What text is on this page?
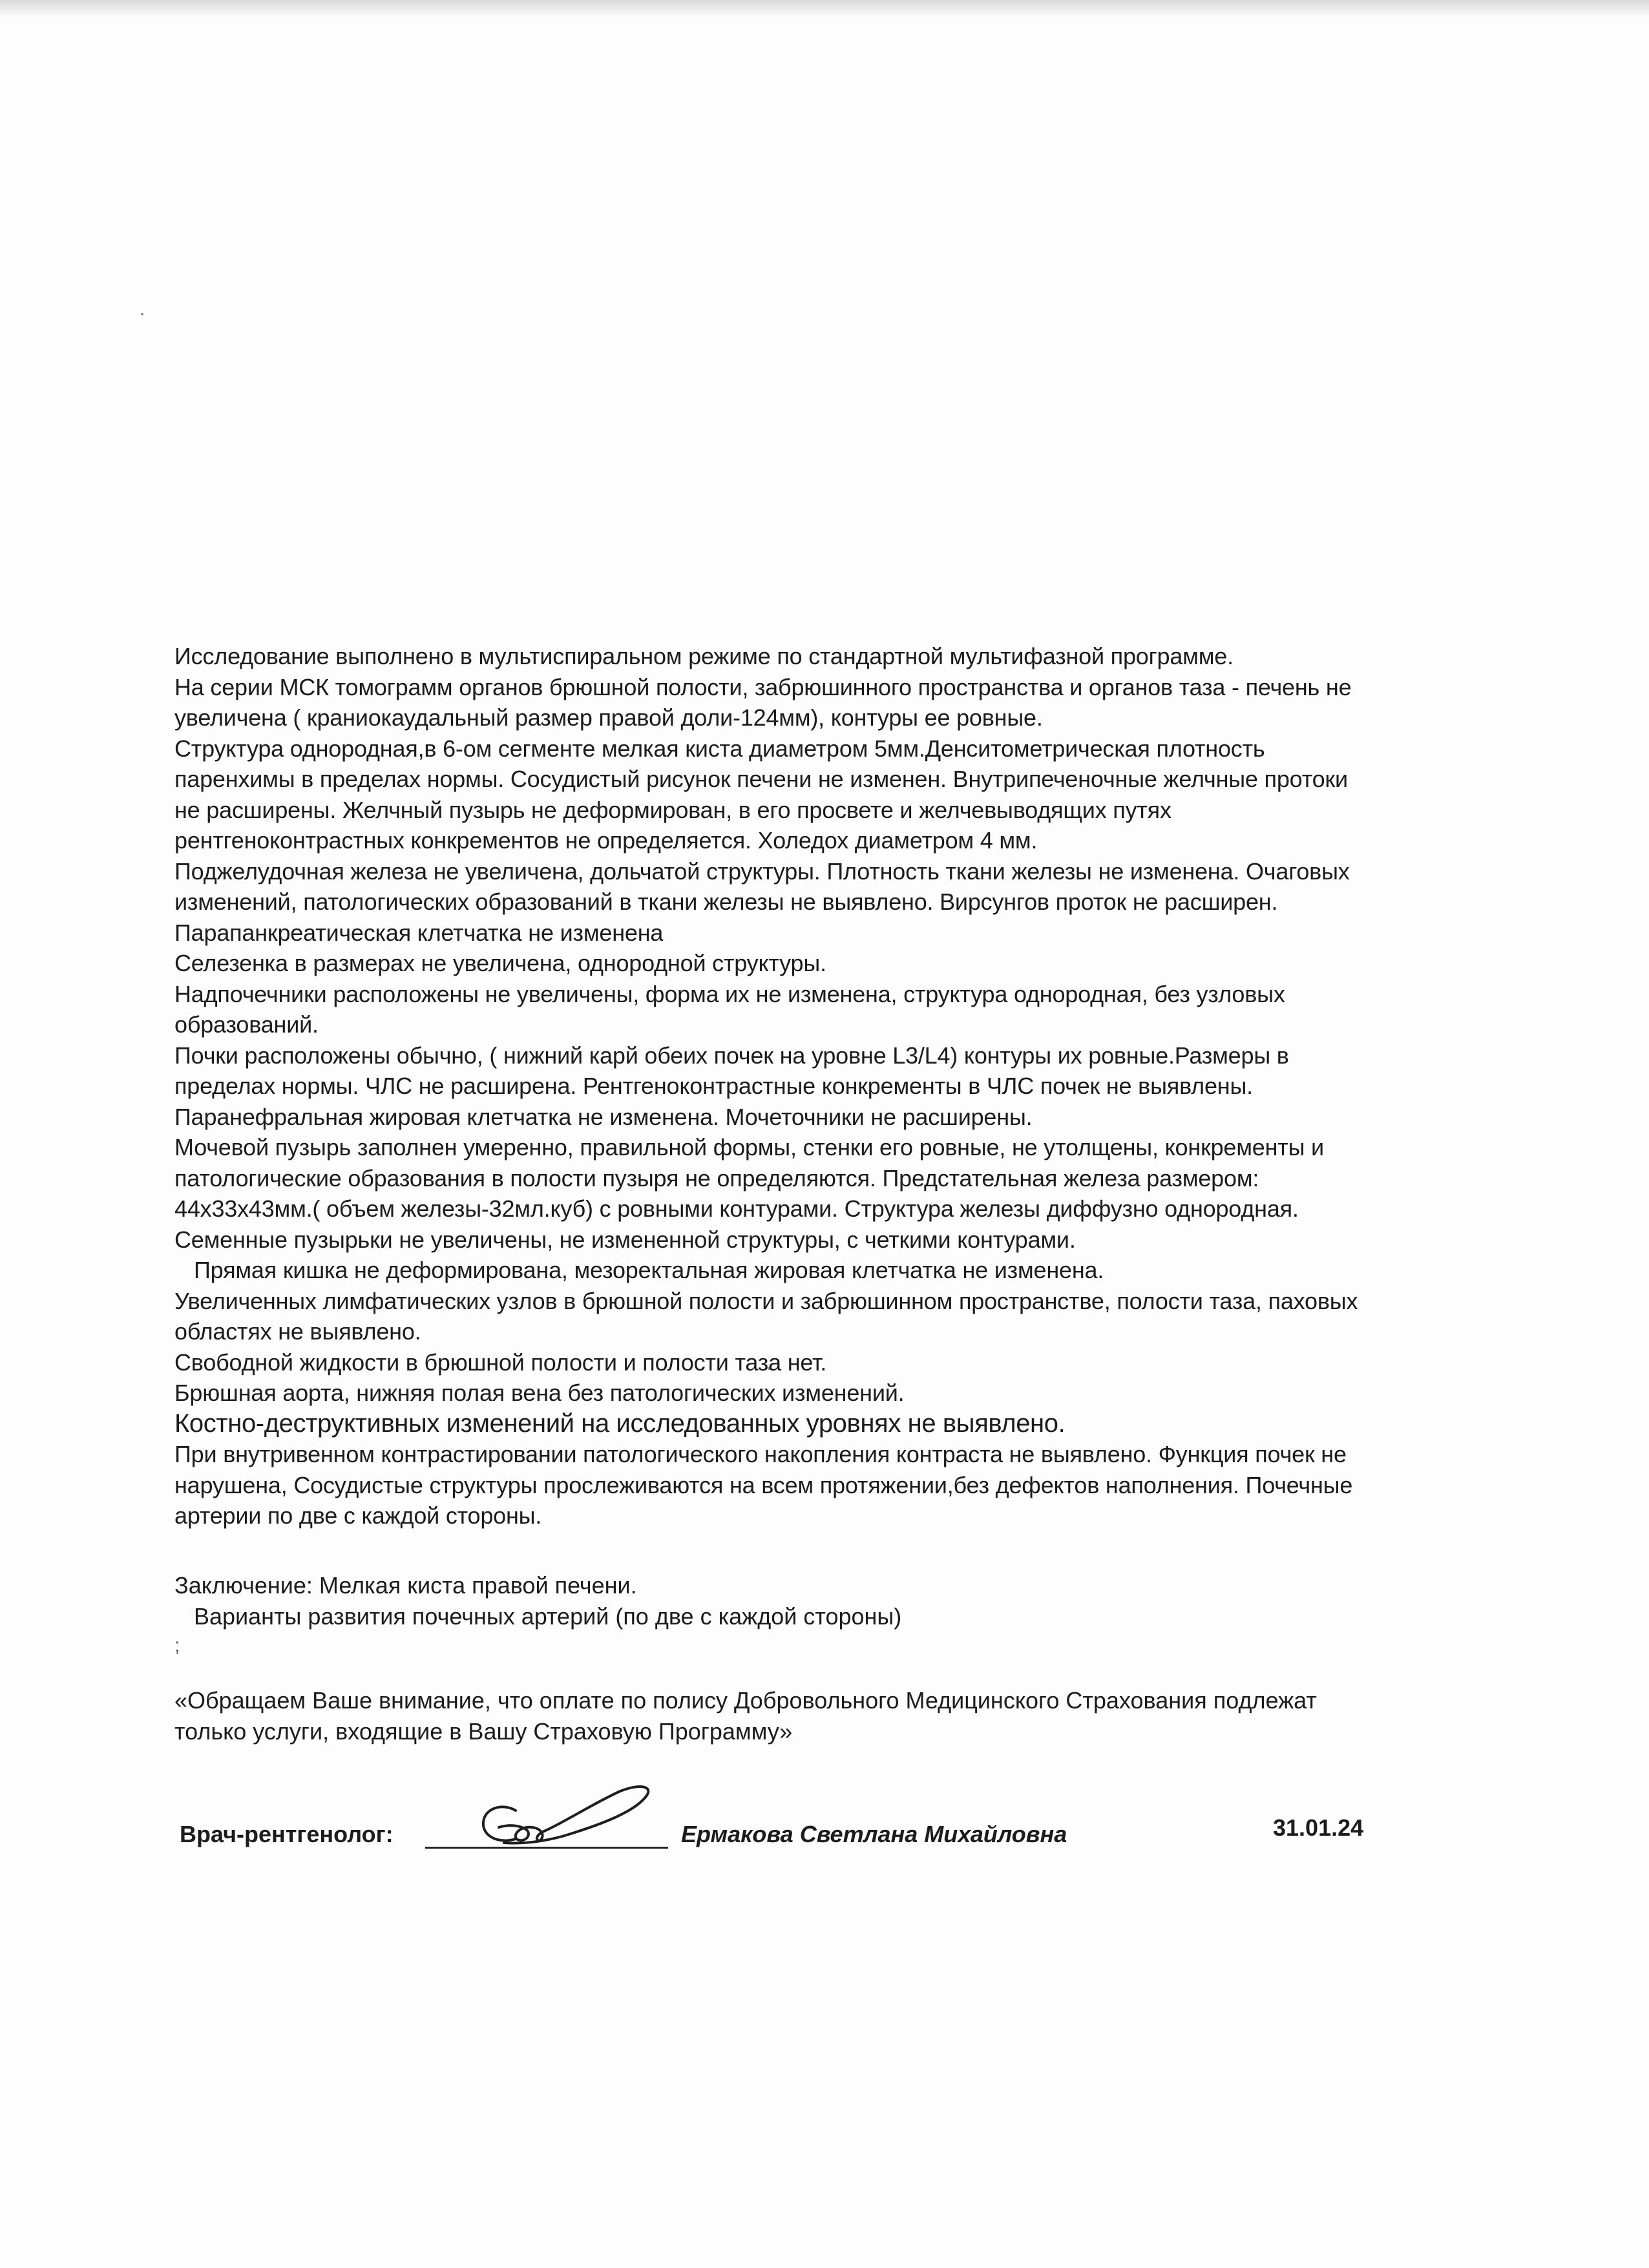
Исследование выполнено в мультиспиральном режиме по стандартной мультифазной программе.
На серии МСК томограмм органов брюшной полости, забрюшинного пространства и органов таза - печень не
увеличена ( краниокаудальный размер правой доли-124мм), контуры ее ровные.
Структура однородная,в 6-ом сегменте мелкая киста диаметром 5мм.Денситометрическая плотность
паренхимы в пределах нормы. Сосудистый рисунок печени не изменен. Внутрипеченочные желчные протоки
не расширены. Желчный пузырь не деформирован, в его просвете и желчевыводящих путях
рентгеноконтрастных конкрементов не определяется. Холедох диаметром 4 мм.
Поджелудочная железа не увеличена, дольчатой структуры. Плотность ткани железы не изменена. Очаговых
изменений, патологических образований в ткани железы не выявлено. Вирсунгов проток не расширен.
Парапанкреатическая клетчатка не изменена
Селезенка в размерах не увеличена, однородной структуры.
Надпочечники расположены не увеличены, форма их не изменена, структура однородная, без узловых
образований.
Почки расположены обычно, ( нижний карй обеих почек на уровне L3/L4) контуры их ровные.Размеры в
пределах нормы. ЧЛС не расширена. Рентгеноконтрастные конкременты в ЧЛС почек не выявлены.
Паранефральная жировая клетчатка не изменена. Мочеточники не расширены.
Мочевой пузырь заполнен умеренно, правильной формы, стенки его ровные, не утолщены, конкременты и
патологические образования в полости пузыря не определяются. Предстательная железа размером:
44х33х43мм.( объем железы-32мл.куб) с ровными контурами. Структура железы диффузно однородная.
Семенные пузырьки не увеличены, не измененной структуры, с четкими контурами.
Прямая кишка не деформирована, мезоректальная жировая клетчатка не изменена.
Увеличенных лимфатических узлов в брюшной полости и забрюшинном пространстве, полости таза, паховых
областях не выявлено.
Свободной жидкости в брюшной полости и полости таза нет.
Брюшная аорта, нижняя полая вена без патологических изменений.
Костно-деструктивных изменений на исследованных уровнях не выявлено.
При внутривенном контрастировании патологического накопления контраста не выявлено. Функция почек не
нарушена, Сосудистые структуры прослеживаются на всем протяжении,без дефектов наполнения. Почечные
артерии по две с каждой стороны.
Заключение: Мелкая киста правой печени.
Варианты развития почечных артерий (по две с каждой стороны)
;
«Обращаем Ваше внимание, что оплате по полису Добровольного Медицинского Страхования подлежат
только услуги, входящие в Вашу Страховую Программу»
Врач-рентгенолог:	Ермакова Светлана Михайловна	31.01.24
